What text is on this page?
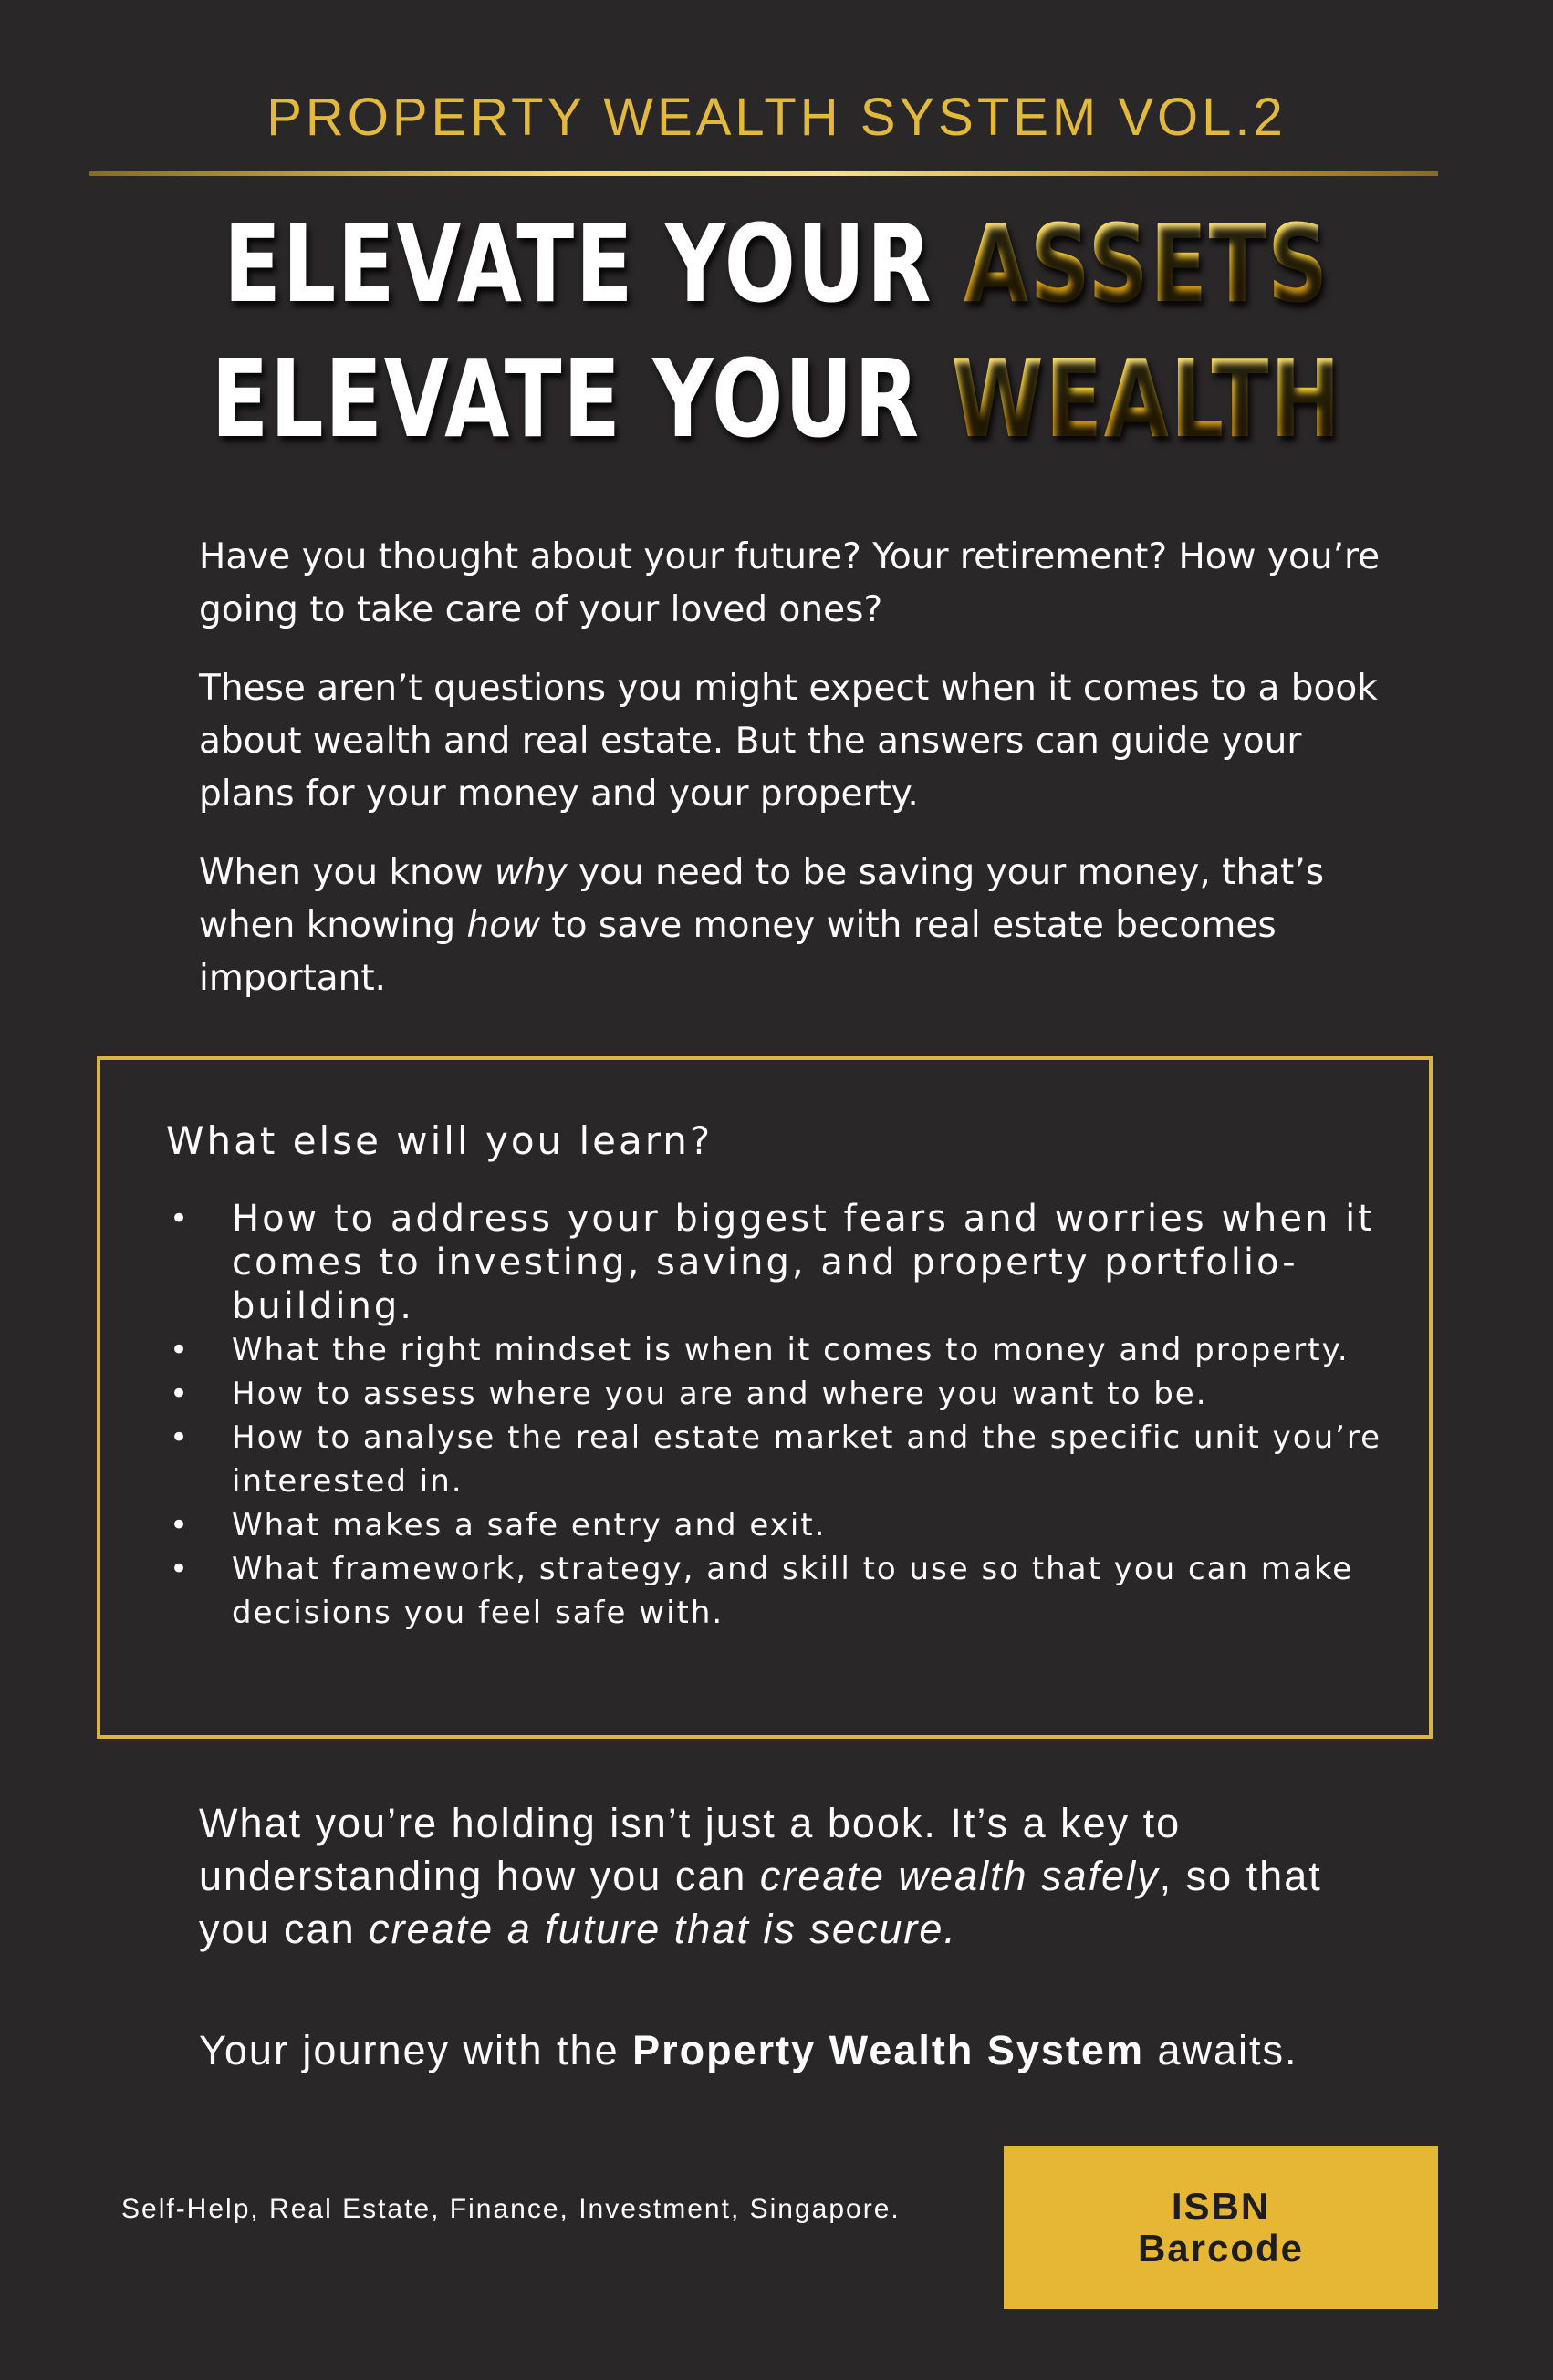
PROPERTY WEALTH SYSTEM VOL.2
ELEVATE YOUR ASSETS
ELEVATE YOUR WEALTH

Have you thought about your future? Your retirement? How you’re going to take care of your loved ones?

These aren’t questions you might expect when it comes to a book about wealth and real estate. But the answers can guide your plans for your money and your property.

When you know why you need to be saving your money, that’s when knowing how to save money with real estate becomes important.

What else will you learn?
• How to address your biggest fears and worries when it comes to investing, saving, and property portfolio-building.
• What the right mindset is when it comes to money and property.
• How to assess where you are and where you want to be.
• How to analyse the real estate market and the specific unit you’re interested in.
• What makes a safe entry and exit.
• What framework, strategy, and skill to use so that you can make decisions you feel safe with.
What you’re holding isn’t just a book. It’s a key to understanding how you can create wealth safely, so that you can create a future that is secure.
Your journey with the Property Wealth System awaits.
Self-Help, Real Estate, Finance, Investment, Singapore.	ISBN
Barcode
